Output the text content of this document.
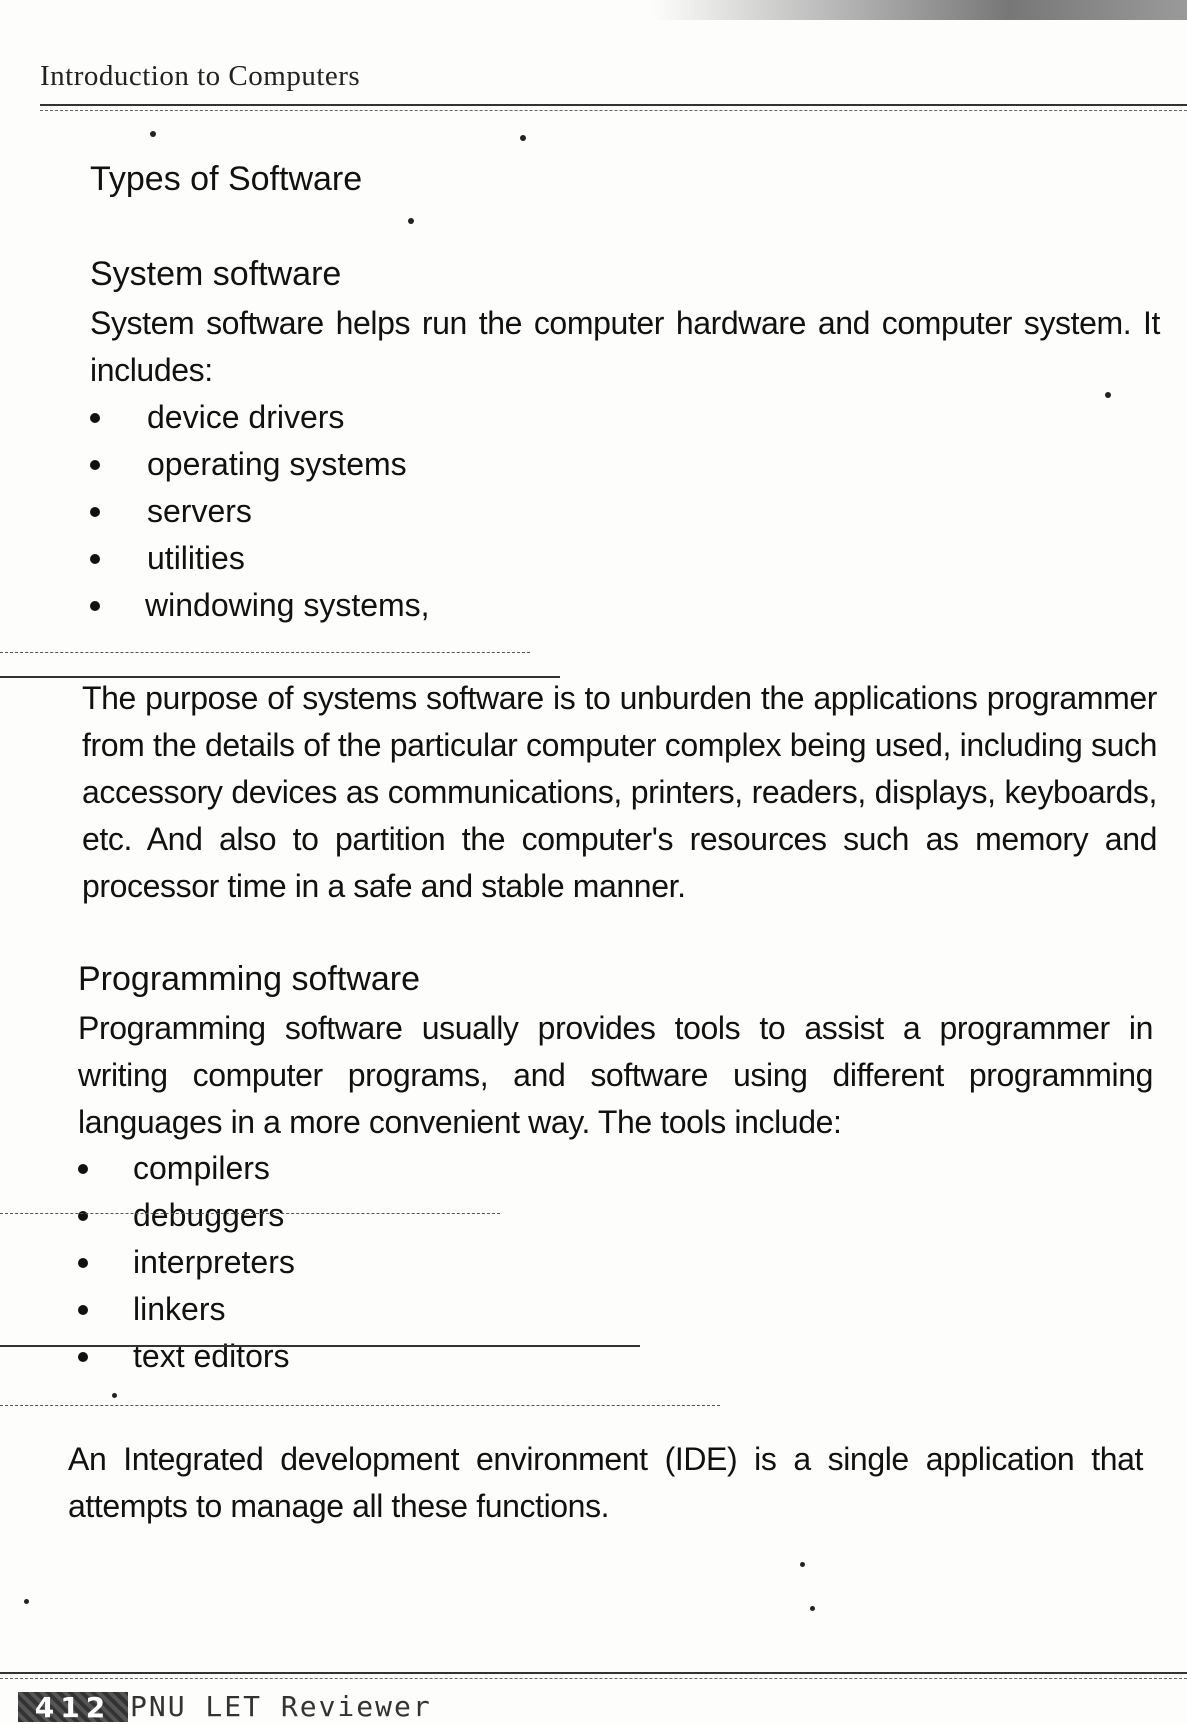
Introduction to Computers
Types of Software
System software

System software helps run the computer hardware and computer system. It includes:

device drivers
operating systems
servers
utilities
windowing systems,

The purpose of systems software is to unburden the applications programmer from the details of the particular computer complex being used, including such accessory devices as communications, printers, readers, displays, keyboards, etc. And also to partition the computer's resources such as memory and processor time in a safe and stable manner.

Programming software

Programming software usually provides tools to assist a programmer in writing computer programs, and software using different programming languages in a more convenient way. The tools include:

compilers
debuggers
interpreters
linkers
text editors

An Integrated development environment (IDE) is a single application that attempts to manage all these functions.

412 PNU LET Reviewer
